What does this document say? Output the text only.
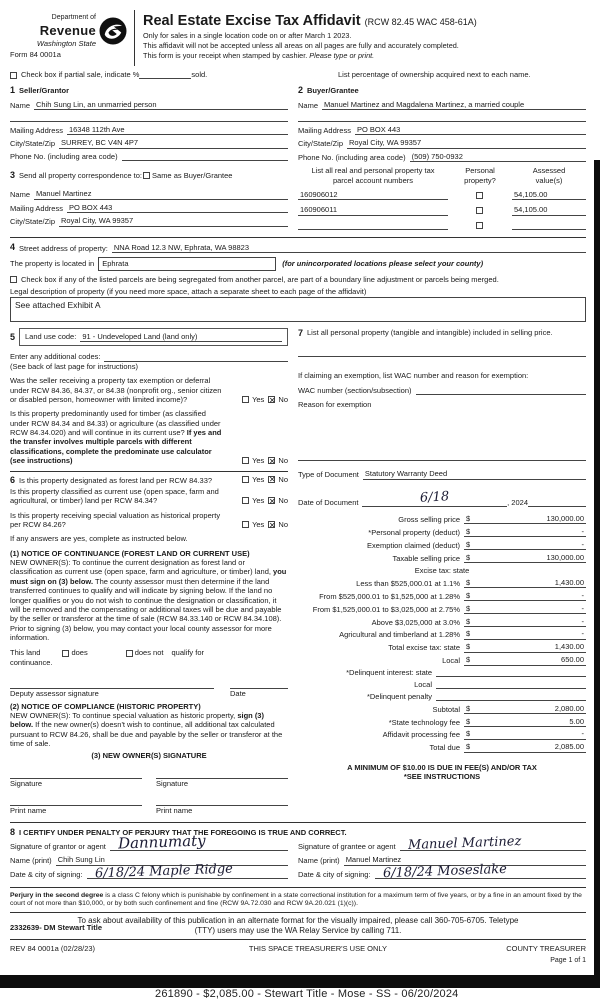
Department of
Revenue
Washington State
Form 84 0001a
Real Estate Excise Tax Affidavit (RCW 82.45 WAC 458-61A)
Only for sales in a single location code on or after March 1 2023.
This affidavit will not be accepted unless all areas on all pages are fully and accurately completed.
This form is your receipt when stamped by cashier. Please type or print.
Check box if partial sale, indicate %	sold.	List percentage of ownership acquired next to each name.
1 Seller/Grantor
Name Chih Sung Lin, an unmarried person
Mailing Address 16348 112th Ave
City/State/Zip SURREY, BC V4N 4P7
Phone No. (including area code)
2 Buyer/Grantee
Name Manuel Martinez and Magdalena Martinez, a married couple
Mailing Address PO BOX 443
City/State/Zip Royal City, WA 99357
Phone No. (including area code) (509) 750-0932
3 Send all property correspondence to: Same as Buyer/Grantee
Name Manuel Martinez
Mailing Address PO BOX 443
City/State/Zip Royal City, WA 99357
List all real and personal property tax
parcel account numbers
Personal
property?
Assessed
value(s)
160906012	54,105.00
160906011	54,105.00
4 Street address of property: NNA Road 12.3 NW, Ephrata, WA 98823
The property is located in	Ephrata	(for unincorporated locations please select your county)
Check box if any of the listed parcels are being segregated from another parcel, are part of a boundary line adjustment or parcels being merged.
Legal description of property (if you need more space, attach a separate sheet to each page of the affidavit)
See attached Exhibit A
5	Land use code: 91 - Undeveloped Land (land only)
Enter any additional codes:
(See back of last page for instructions)
Was the seller receiving a property tax exemption or deferral under RCW 84.36, 84.37, or 84.38 (nonprofit org., senior citizen or disabled person, homeowner with limited income)?	Yes
✕ No
Is this property predominantly used for timber (as classified under RCW 84.34 and 84.33) or agriculture (as classified under RCW 84.34.020) and will continue in its current use? If yes and the transfer involves multiple parcels with different classifications, complete the predominate use calculator (see instructions)	Yes
✕ No
6 Is this property designated as forest land per RCW 84.33?	Yes
✕ No
Is this property classified as current use (open space, farm and agricultural, or timber) land per RCW 84.34?	Yes
✕ No
Is this property receiving special valuation as historical property per RCW 84.26?	Yes
✕ No
If any answers are yes, complete as instructed below.
(1) NOTICE OF CONTINUANCE (FOREST LAND OR CURRENT USE)
NEW OWNER(S): To continue the current designation as forest land or classification as current use (open space, farm and agriculture, or timber) land, you must sign on (3) below. The county assessor must then determine if the land transferred continues to qualify and will indicate by signing below. If the land no longer qualifies or you do not wish to continue the designation or classification, it will be removed and the compensating or additional taxes will be due and payable by the seller or transferor at the time of sale (RCW 84.33.140 or RCW 84.34.108). Prior to signing (3) below, you may contact your local county assessor for more information.
This land	does	does not qualify for
continuance.
Deputy assessor signature	Date
(2) NOTICE OF COMPLIANCE (HISTORIC PROPERTY)
NEW OWNER(S): To continue special valuation as historic property, sign (3) below. If the new owner(s) doesn't wish to continue, all additional tax calculated pursuant to RCW 84.26, shall be due and payable by the seller or transferor at the time of sale.
(3) NEW OWNER(S) SIGNATURE
Signature
Print name
Signature
Print name
7 List all personal property (tangible and intangible) included in selling price.
If claiming an exemption, list WAC number and reason for exemption:
WAC number (section/subsection)
Reason for exemption
Type of Document Statutory Warranty Deed
Date of Document	6/18	, 2024
Gross selling price $	130,000.00
*Personal property (deduct) $	-
Exemption claimed (deduct) $	-
Taxable selling price $	130,000.00
Excise tax: state
Less than $525,000.01 at 1.1% $	1,430.00
From $525,000.01 to $1,525,000 at 1.28% $	-
From $1,525,000.01 to $3,025,000 at 2.75% $	-
Above $3,025,000 at 3.0% $	-
Agricultural and timberland at 1.28% $	-
Total excise tax: state $	1,430.00
Local $	650.00
*Delinquent interest: state
Local
*Delinquent penalty
Subtotal $	2,080.00
*State technology fee $	5.00
Affidavit processing fee $	-
Total due $	2,085.00
A MINIMUM OF $10.00 IS DUE IN FEE(S) AND/OR TAX
*SEE INSTRUCTIONS
8 I CERTIFY UNDER PENALTY OF PERJURY THAT THE FOREGOING IS TRUE AND CORRECT.
Signature of grantor or agent Dannumaty
Name (print) Chih Sung Lin
Date & city of signing: 6/18/24 Maple Ridge
Signature of grantee or agent Manuel Martinez
Name (print) Manuel Martinez
Date & city of signing: 6/18/24 Moseslake
Perjury in the second degree is a class C felony which is punishable by confinement in a state correctional institution for a maximum term of five years, or by a fine in an amount fixed by the court of not more than $10,000, or by both such confinement and fine (RCW 9A.72.030 and RCW 9A.20.021 (1)(c)).
To ask about availability of this publication in an alternate format for the visually impaired, please call 360-705-6705. Teletype
(TTY) users may use the WA Relay Service by calling 711.
2332639- DM Stewart Title
REV 84 0001a (02/28/23)	THIS SPACE TREASURER'S USE ONLY	COUNTY TREASURER
Page 1 of 1
261890 - $2,085.00 - Stewart Title - Mose - SS - 06/20/2024
